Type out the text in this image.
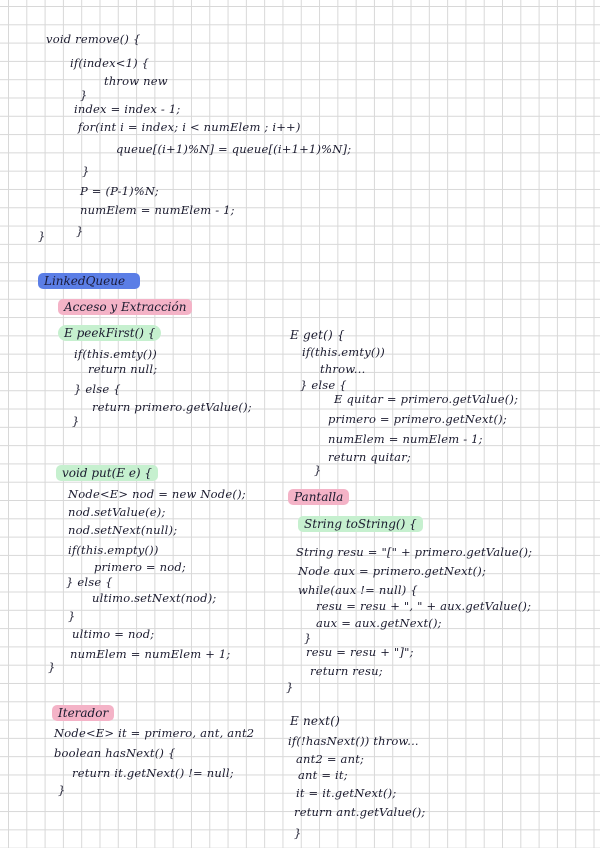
void remove() {
if(index<1) {
throw new
}
index = index - 1;
for(int i = index; i < numElem ; i++)
queue[(i+1)%N] = queue[(i+1+1)%N];
}
P = (P-1)%N;
numElem = numElem - 1;
}
}
LinkedQueue
Acceso y Extracción
E peekFirst() {
if(this.emty())
return null;
} else {
return primero.getValue();
}
E get() {
if(this.emty())
throw...
} else {
E quitar = primero.getValue();
primero = primero.getNext();
numElem = numElem - 1;
return quitar;
}
void put(E e) {
Node<E> nod = new Node();
nod.setValue(e);
nod.setNext(null);
if(this.empty())
primero = nod;
} else {
ultimo.setNext(nod);
}
ultimo = nod;
numElem = numElem + 1;
}
Pantalla
String toString() {
String resu = "[" + primero.getValue();
Node aux = primero.getNext();
while(aux != null) {
resu = resu + ", " + aux.getValue();
aux = aux.getNext();
}
resu = resu + "]";
return resu;
}
Iterador
Node<E> it = primero, ant, ant2
boolean hasNext() {
return it.getNext() != null;
}
E next()
if(!hasNext()) throw...
ant2 = ant;
ant = it;
it = it.getNext();
return ant.getValue();
}
